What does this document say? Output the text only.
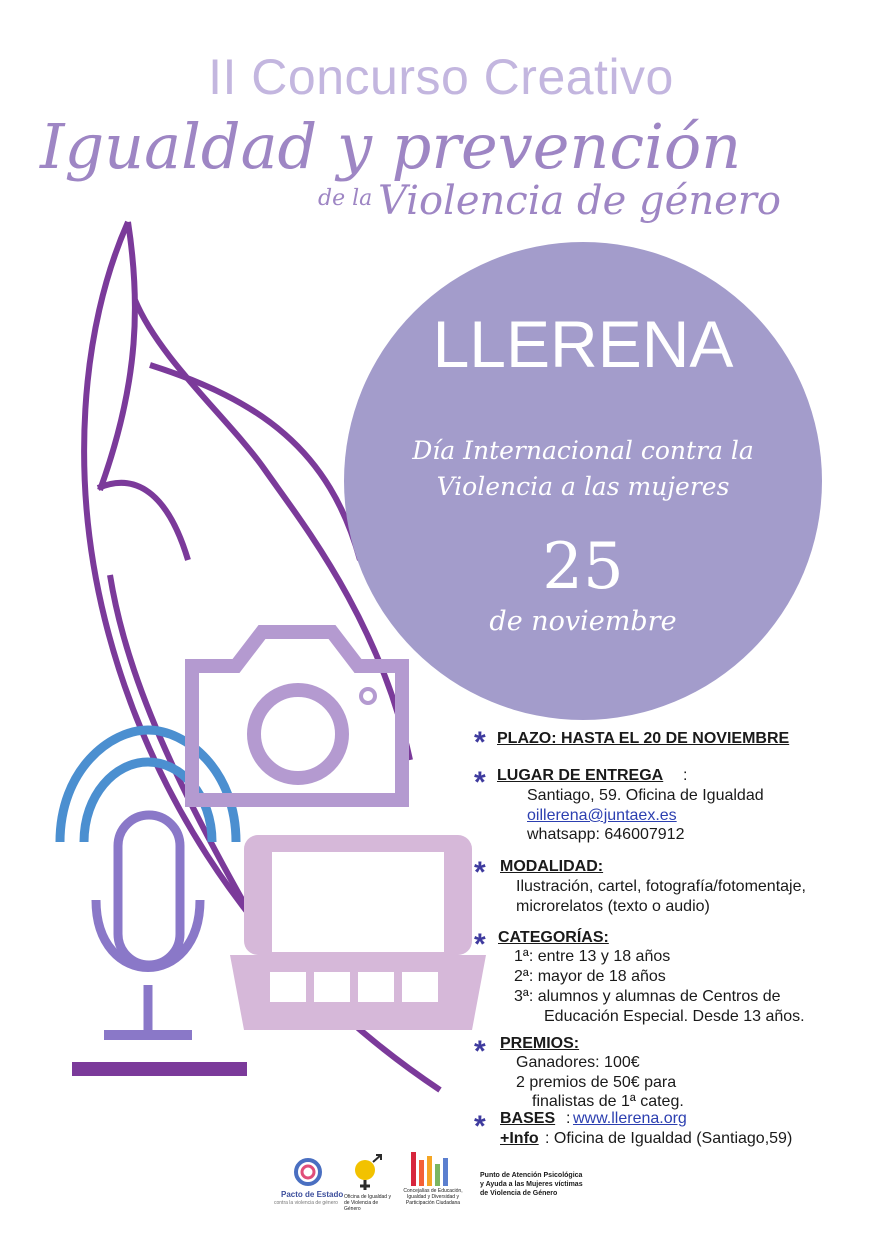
II Concurso Creativo
Igualdad y prevención
de la Violencia de género
LLERENA
Día Internacional contra la
Violencia a las mujeres
25
de noviembre
* PLAZO: HASTA EL 20 DE NOVIEMBRE
* LUGAR DE ENTREGA :
Santiago, 59. Oficina de Igualdad
oillerena@juntaex.es
whatsapp: 646007912
* MODALIDAD:
Ilustración, cartel, fotografía/fotomentaje,
microrelatos (texto o audio)
* CATEGORÍAS:
1ª: entre 13 y 18 años
2ª: mayor de 18 años
3ª: alumnos y alumnas de Centros de
Educación Especial. Desde 13 años.
* PREMIOS:
Ganadores: 100€
2 premios de 50€ para
finalistas de 1ª categ.
* BASES : www.llerena.org
+Info : Oficina de Igualdad (Santiago,59)
Pacto de Estado
contra la violencia de género
Oficina de Igualdad y de Violencia de Género
Concejalías de Educación, Igualdad y Diversidad y Participación Ciudadana
Punto de Atención Psicológica
y Ayuda a las Mujeres víctimas
de Violencia de Género
